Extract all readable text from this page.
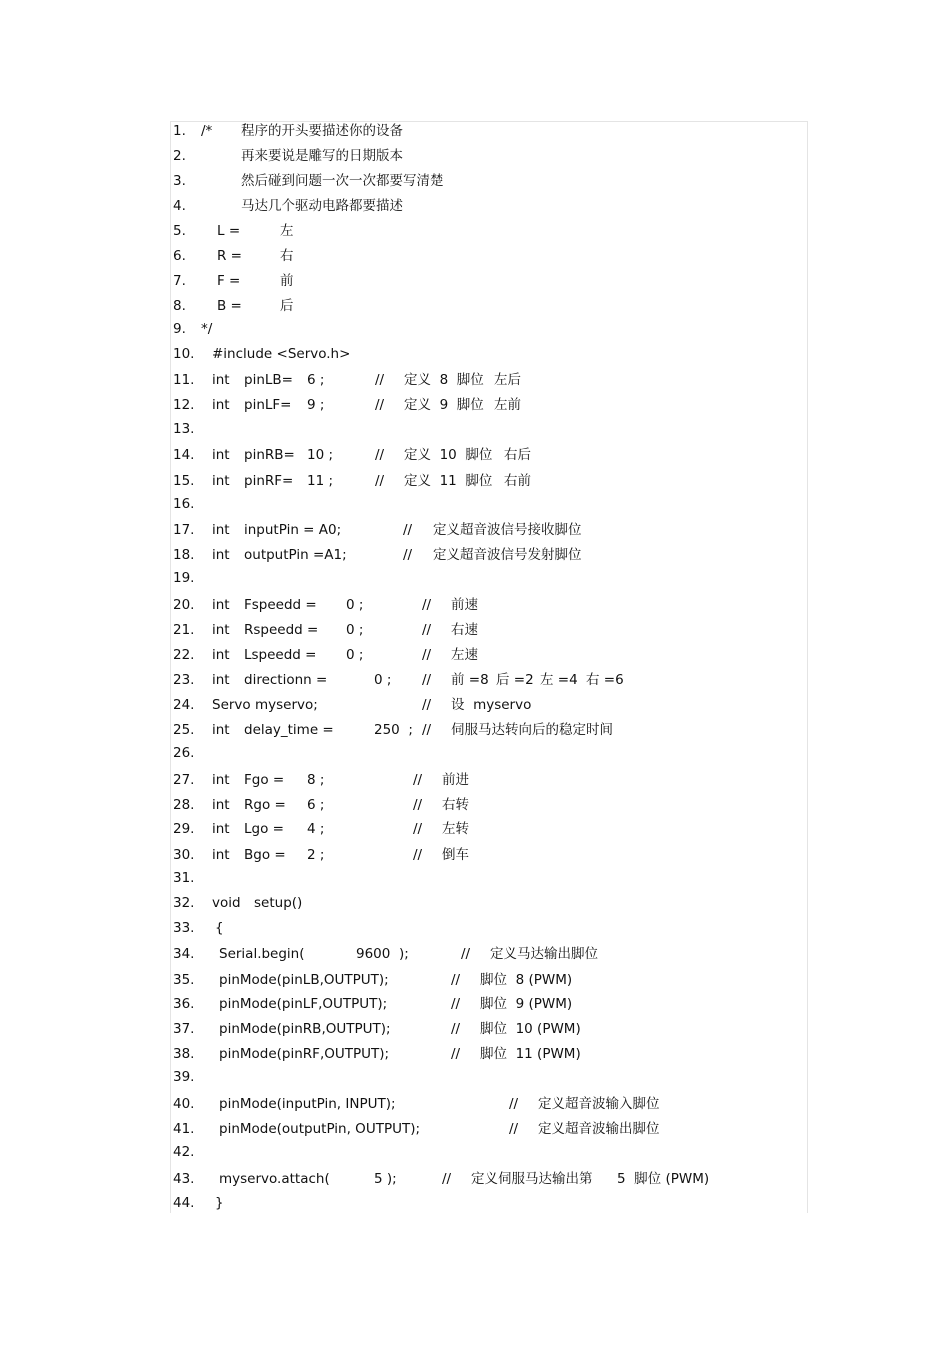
1. /* 程序的开头要描述你的设备
2.	再来要说是雕写的日期版本
3.	然后碰到问题一次一次都要写清楚
4.	马达几个驱动电路都要描述
5. L =	左
6. R =	右
7. F =	前
8. B =	后
9. */
10. #include <Servo.h>
11. int pinLB= 6 ;	// 定义  8  脚位 左后
12. int pinLF= 9 ;	// 定义  9  脚位 左前
13.
14. int pinRB= 10 ;	// 定义  10  脚位 右后
15. int pinRF= 11 ;	// 定义  11  脚位 右前
16.
17. int inputPin = A0;	// 定义超音波信号接收脚位
18. int outputPin =A1;	// 定义超音波信号发射脚位
19.
20. int Fspeedd = 0 ;	// 前速
21. int Rspeedd = 0 ;	// 右速
22. int Lspeedd = 0 ;	// 左速
23. int directionn =	0 ; // 前 =8 后 =2 左 =4 右 =6
24. Servo myservo;	// 设  myservo
25. int delay_time =	250  ; // 伺服马达转向后的稳定时间
26.
27. int Fgo = 8 ;	// 前进
28. int Rgo = 6 ;	// 右转
29. int Lgo = 4 ;	// 左转
30. int Bgo = 2 ;	// 倒车
31.
32. void setup()
33. {
34. Serial.begin(	9600  );	// 定义马达输出脚位
35. pinMode(pinLB,OUTPUT);	// 脚位  8 (PWM)
36. pinMode(pinLF,OUTPUT);	// 脚位  9 (PWM)
37. pinMode(pinRB,OUTPUT);	// 脚位  10 (PWM)
38. pinMode(pinRF,OUTPUT);	// 脚位  11 (PWM)
39.
40. pinMode(inputPin, INPUT);	// 定义超音波输入脚位
41. pinMode(outputPin, OUTPUT);	// 定义超音波输出脚位
42.
43. myservo.attach(	5 );	// 定义伺服马达输出第 5  脚位 (PWM)
44. }
